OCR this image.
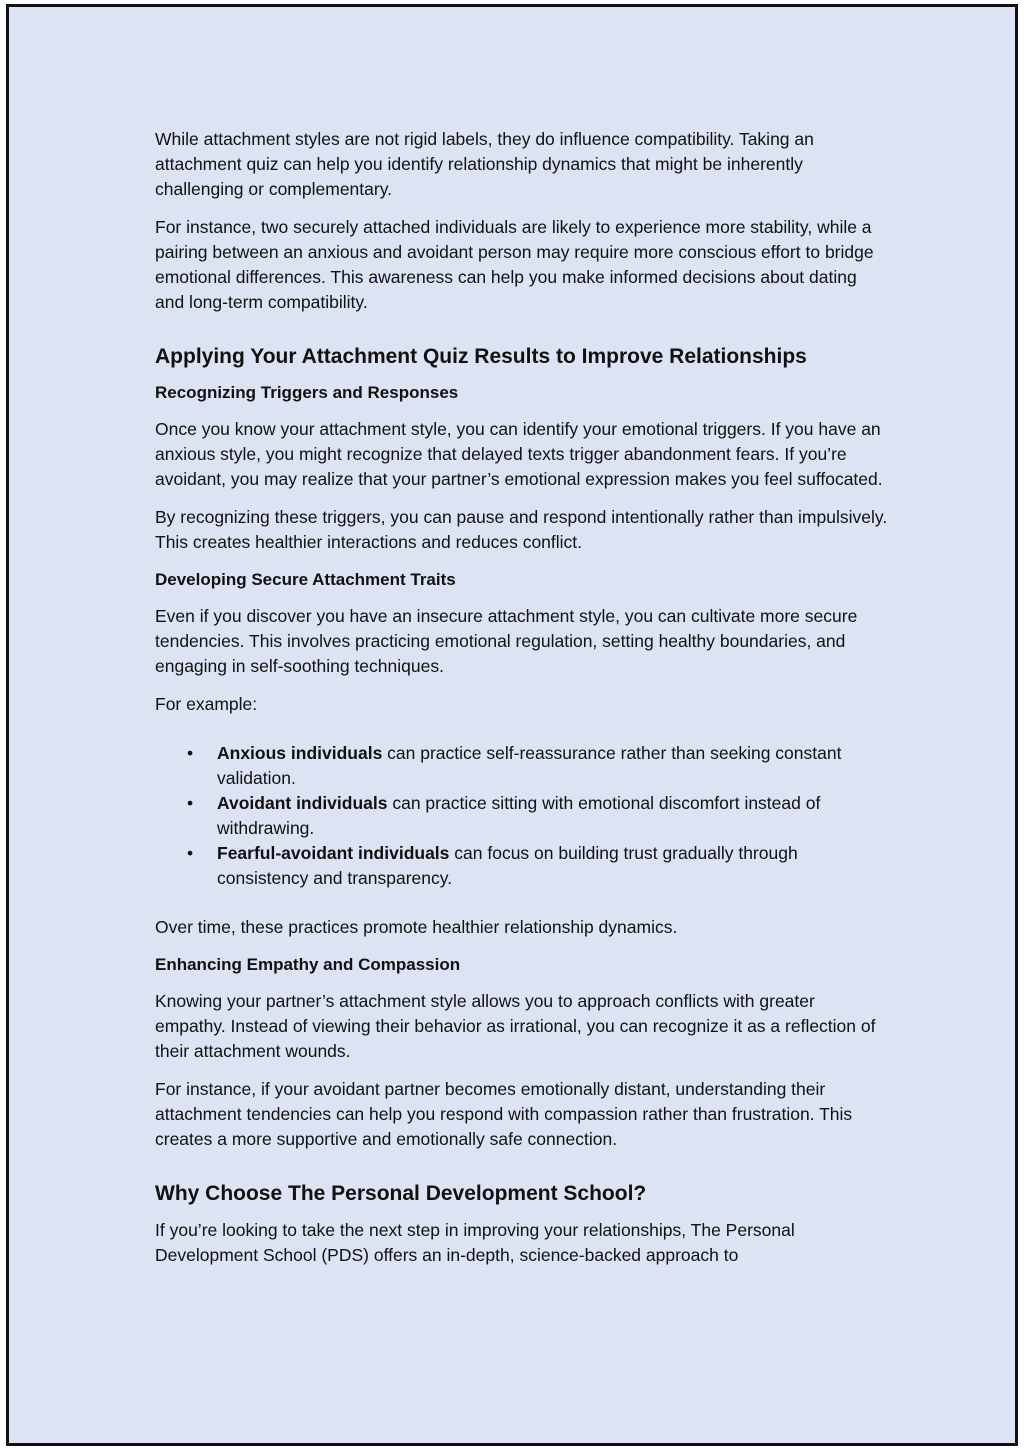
While attachment styles are not rigid labels, they do influence compatibility. Taking an attachment quiz can help you identify relationship dynamics that might be inherently challenging or complementary.

For instance, two securely attached individuals are likely to experience more stability, while a pairing between an anxious and avoidant person may require more conscious effort to bridge emotional differences. This awareness can help you make informed decisions about dating and long-term compatibility.

Applying Your Attachment Quiz Results to Improve Relationships
Recognizing Triggers and Responses

Once you know your attachment style, you can identify your emotional triggers. If you have an anxious style, you might recognize that delayed texts trigger abandonment fears. If you’re avoidant, you may realize that your partner’s emotional expression makes you feel suffocated.

By recognizing these triggers, you can pause and respond intentionally rather than impulsively. This creates healthier interactions and reduces conflict.

Developing Secure Attachment Traits

Even if you discover you have an insecure attachment style, you can cultivate more secure tendencies. This involves practicing emotional regulation, setting healthy boundaries, and engaging in self-soothing techniques.

For example:

• Anxious individuals can practice self-reassurance rather than seeking constant validation.
• Avoidant individuals can practice sitting with emotional discomfort instead of withdrawing.
• Fearful-avoidant individuals can focus on building trust gradually through consistency and transparency.

Over time, these practices promote healthier relationship dynamics.

Enhancing Empathy and Compassion

Knowing your partner’s attachment style allows you to approach conflicts with greater empathy. Instead of viewing their behavior as irrational, you can recognize it as a reflection of their attachment wounds.

For instance, if your avoidant partner becomes emotionally distant, understanding their attachment tendencies can help you respond with compassion rather than frustration. This creates a more supportive and emotionally safe connection.

Why Choose The Personal Development School?

If you’re looking to take the next step in improving your relationships, The Personal Development School (PDS) offers an in-depth, science-backed approach to
